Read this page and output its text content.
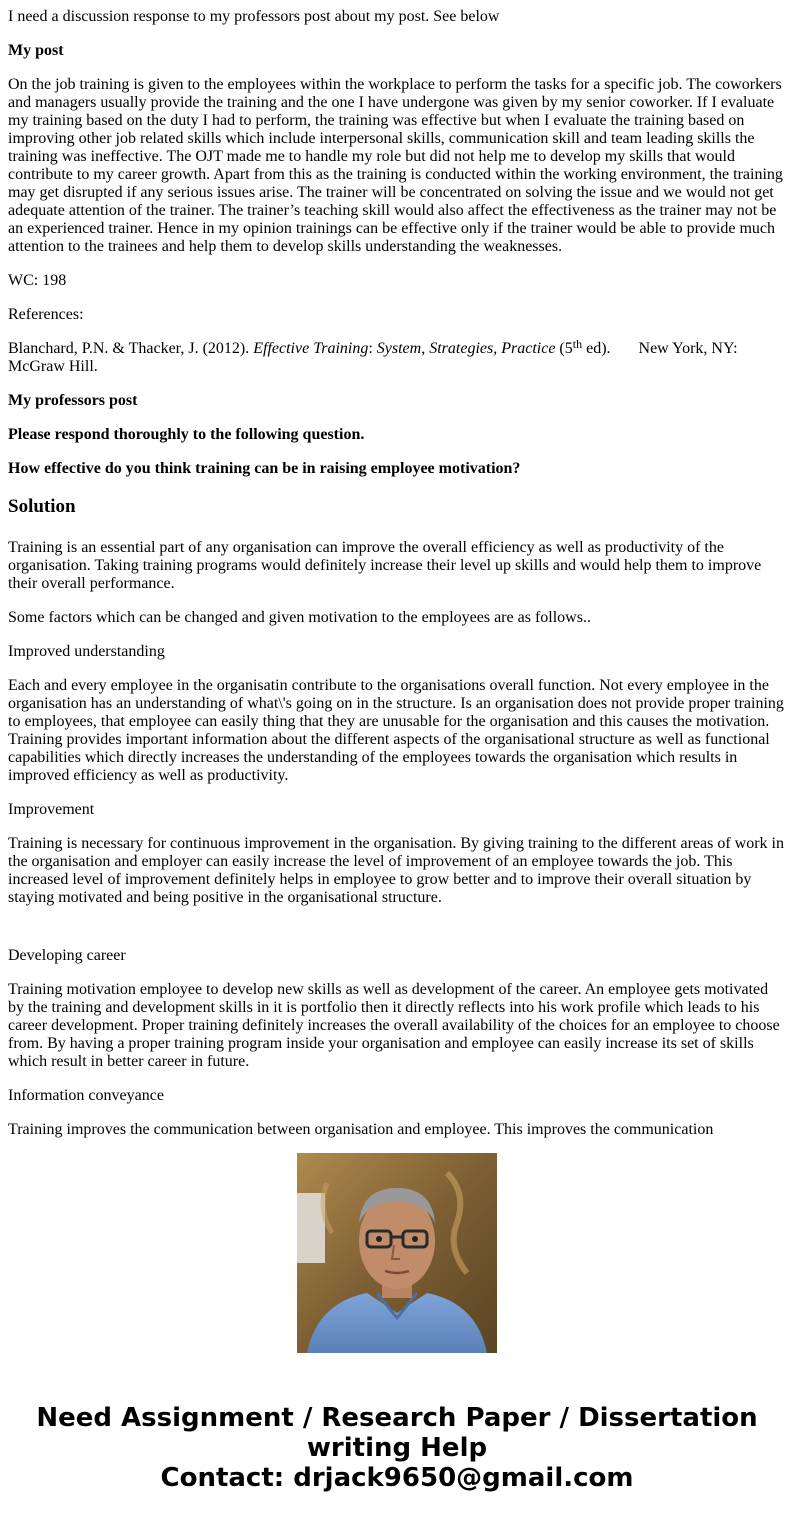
I need a discussion response to my professors post about my post. See below

My post

On the job training is given to the employees within the workplace to perform the tasks for a specific job. The coworkers and managers usually provide the training and the one I have undergone was given by my senior coworker. If I evaluate my training based on the duty I had to perform, the training was effective but when I evaluate the training based on improving other job related skills which include interpersonal skills, communication skill and team leading skills the training was ineffective. The OJT made me to handle my role but did not help me to develop my skills that would contribute to my career growth. Apart from this as the training is conducted within the working environment, the training may get disrupted if any serious issues arise. The trainer will be concentrated on solving the issue and we would not get adequate attention of the trainer. The trainer’s teaching skill would also affect the effectiveness as the trainer may not be an experienced trainer. Hence in my opinion trainings can be effective only if the trainer would be able to provide much attention to the trainees and help them to develop skills understanding the weaknesses.

WC: 198

References:

Blanchard, P.N. & Thacker, J. (2012). Effective Training: System, Strategies, Practice (5th ed).       New York, NY: McGraw Hill.

My professors post

Please respond thoroughly to the following question.

How effective do you think training can be in raising employee motivation?

Solution

Training is an essential part of any organisation can improve the overall efficiency as well as productivity of the organisation. Taking training programs would definitely increase their level up skills and would help them to improve their overall performance.

Some factors which can be changed and given motivation to the employees are as follows..

Improved understanding

Each and every employee in the organisatin contribute to the organisations overall function. Not every employee in the organisation has an understanding of what\'s going on in the structure. Is an organisation does not provide proper training to employees, that employee can easily thing that they are unusable for the organisation and this causes the motivation. Training provides important information about the different aspects of the organisational structure as well as functional capabilities which directly increases the understanding of the employees towards the organisation which results in improved efficiency as well as productivity.

Improvement

Training is necessary for continuous improvement in the organisation. By giving training to the different areas of work in the organisation and employer can easily increase the level of improvement of an employee towards the job. This increased level of improvement definitely helps in employee to grow better and to improve their overall situation by staying motivated and being positive in the organisational structure.

Developing career

Training motivation employee to develop new skills as well as development of the career. An employee gets motivated by the training and development skills in it is portfolio then it directly reflects into his work profile which leads to his career development. Proper training definitely increases the overall availability of the choices for an employee to choose from. By having a proper training program inside your organisation and employee can easily increase its set of skills which result in better career in future.

Information conveyance

Training improves the communication between organisation and employee. This improves the communication

Need Assignment / Research Paper / Dissertation
writing Help
Contact: drjack9650@gmail.com
